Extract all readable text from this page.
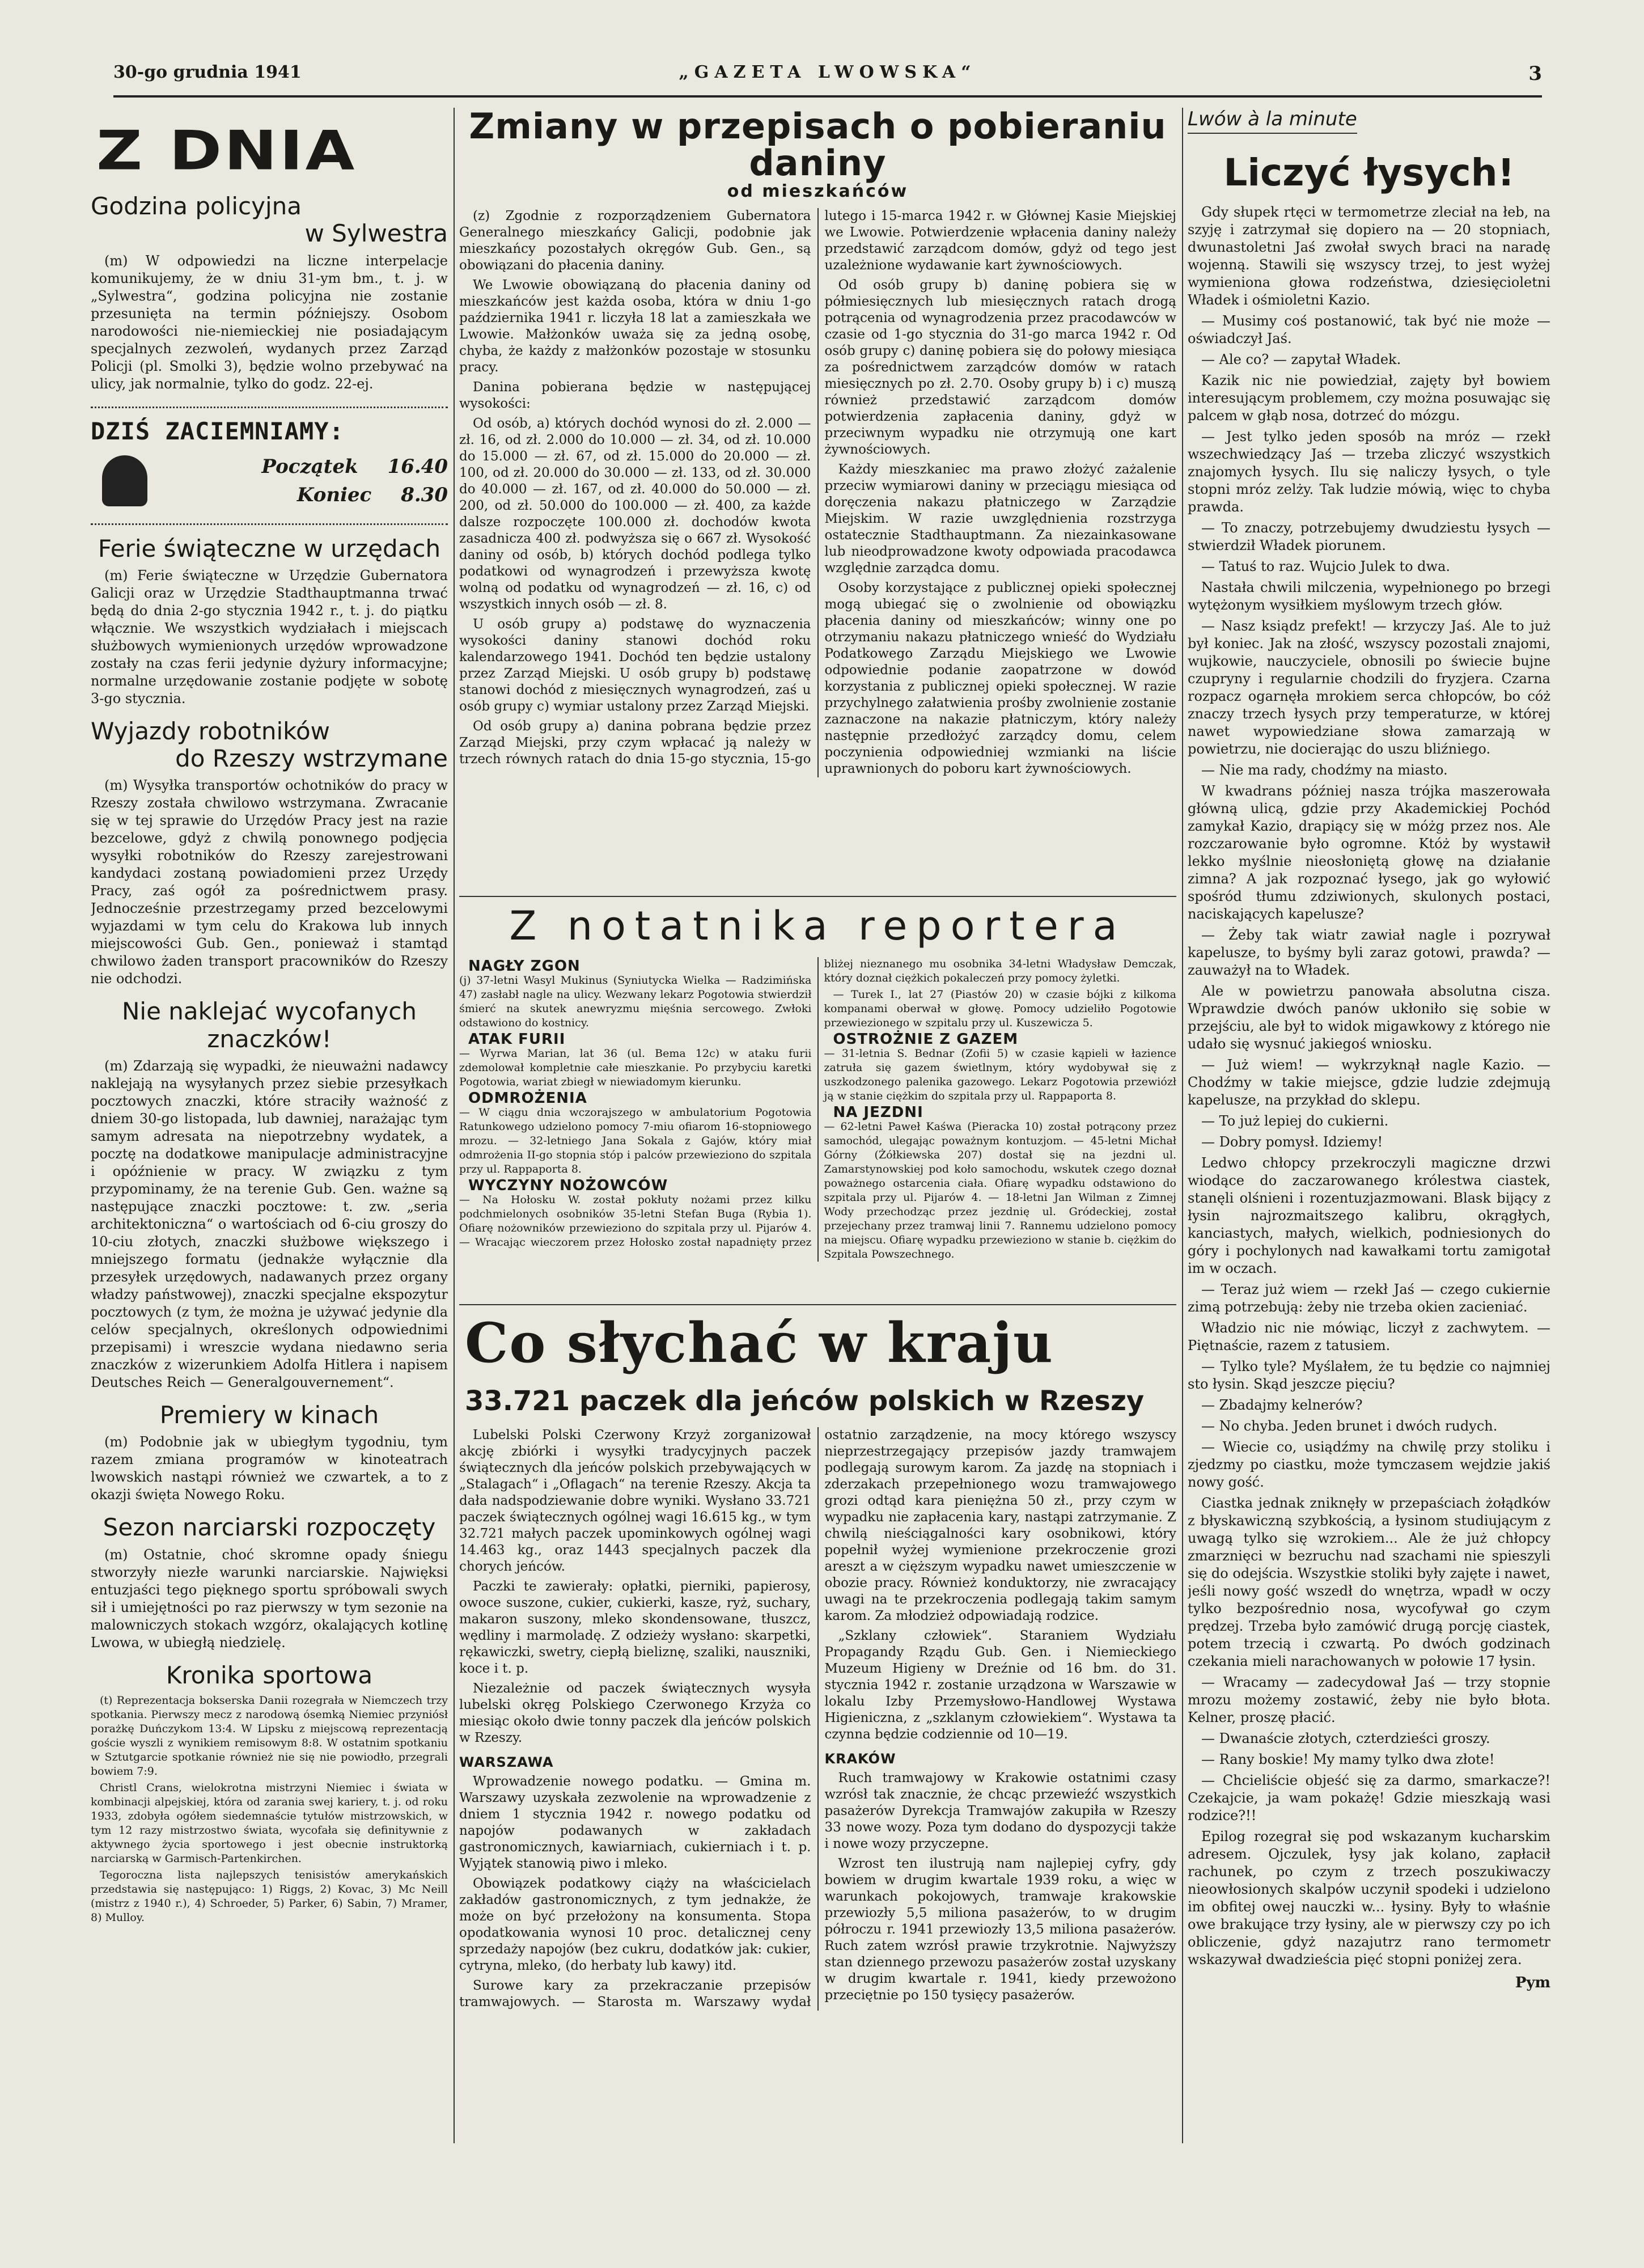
30-go grudnia 1941	„GAZETA LWOWSKA“	3
Z DNIA
Godzina policyjna
w Sylwestra

(m) W odpowiedzi na liczne interpelacje komunikujemy, że w dniu 31-ym bm., t. j. w „Sylwestra“, godzina policyjna nie zostanie przesunięta na termin późniejszy. Osobom narodowości nie-niemieckiej nie posiadającym specjalnych zezwoleń, wydanych przez Zarząd Policji (pl. Smolki 3), będzie wolno przebywać na ulicy, jak normalnie, tylko do godz. 22-ej.

DZIŚ ZACIEMNIAMY:
Początek 16.40
Koniec 8.30
Ferie świąteczne w urzędach

(m) Ferie świąteczne w Urzędzie Gubernatora Galicji oraz w Urzędzie Stadthauptmanna trwać będą do dnia 2-go stycznia 1942 r., t. j. do piątku włącznie. We wszystkich wydziałach i miejscach służbowych wymienionych urzędów wprowadzone zostały na czas ferii jedynie dyżury informacyjne; normalne urzędowanie zostanie podjęte w sobotę 3-go stycznia.

Wyjazdy robotników
do Rzeszy wstrzymane

(m) Wysyłka transportów ochotników do pracy w Rzeszy została chwilowo wstrzymana. Zwracanie się w tej sprawie do Urzędów Pracy jest na razie bezcelowe, gdyż z chwilą ponownego podjęcia wysyłki robotników do Rzeszy zarejestrowani kandydaci zostaną powiadomieni przez Urzędy Pracy, zaś ogół za pośrednictwem prasy. Jednocześnie przestrzegamy przed bezcelowymi wyjazdami w tym celu do Krakowa lub innych miejscowości Gub. Gen., ponieważ i stamtąd chwilowo żaden transport pracowników do Rzeszy nie odchodzi.

Nie naklejać wycofanych
znaczków!

(m) Zdarzają się wypadki, że nieuważni nadawcy naklejają na wysyłanych przez siebie przesyłkach pocztowych znaczki, które straciły ważność z dniem 30-go listopada, lub dawniej, narażając tym samym adresata na niepotrzebny wydatek, a pocztę na dodatkowe manipulacje administracyjne i opóźnienie w pracy. W związku z tym przypominamy, że na terenie Gub. Gen. ważne są następujące znaczki pocztowe: t. zw. „seria architektoniczna“ o wartościach od 6-ciu groszy do 10-ciu złotych, znaczki służbowe większego i mniejszego formatu (jednakże wyłącznie dla przesyłek urzędowych, nadawanych przez organy władzy państwowej), znaczki specjalne ekspozytur pocztowych (z tym, że można je używać jedynie dla celów specjalnych, określonych odpowiednimi przepisami) i wreszcie wydana niedawno seria znaczków z wizerunkiem Adolfa Hitlera i napisem Deutsches Reich — Generalgouvernement“.

Premiery w kinach

(m) Podobnie jak w ubiegłym tygodniu, tym razem zmiana programów w kinoteatrach lwowskich nastąpi również we czwartek, a to z okazji święta Nowego Roku.

Sezon narciarski rozpoczęty

(m) Ostatnie, choć skromne opady śniegu stworzyły niezłe warunki narciarskie. Najwięksi entuzjaści tego pięknego sportu spróbowali swych sił i umiejętności po raz pierwszy w tym sezonie na malowniczych stokach wzgórz, okalających kotlinę Lwowa, w ubiegłą niedzielę.

Kronika sportowa
(t) Reprezentacja bokserska Danii rozegrała w Niemczech trzy spotkania. Pierwszy mecz z narodową ósemką Niemiec przyniósł porażkę Duńczykom 13:4. W Lipsku z miejscową reprezentacją goście wyszli z wynikiem remisowym 8:8. W ostatnim spotkaniu w Sztutgarcie spotkanie również nie się nie powiodło, przegrali bowiem 7:9.
Christl Crans, wielokrotna mistrzyni Niemiec i świata w kombinacji alpejskiej, która od zarania swej kariery, t. j. od roku 1933, zdobyła ogółem siedemnaście tytułów mistrzowskich, w tym 12 razy mistrzostwo świata, wycofała się definitywnie z aktywnego życia sportowego i jest obecnie instruktorką narciarską w Garmisch-Partenkirchen.
Tegoroczna lista najlepszych tenisistów amerykańskich przedstawia się następująco: 1) Riggs, 2) Kovac, 3) Mc Neill (mistrz z 1940 r.), 4) Schroeder, 5) Parker, 6) Sabin, 7) Mramer, 8) Mulloy.
Zmiany w przepisach o pobieraniu daniny
od mieszkańców

(z) Zgodnie z rozporządzeniem Gubernatora Generalnego mieszkańcy Galicji, podobnie jak mieszkańcy pozostałych okręgów Gub. Gen., są obowiązani do płacenia daniny.

We Lwowie obowiązaną do płacenia daniny od mieszkańców jest każda osoba, która w dniu 1-go października 1941 r. liczyła 18 lat a zamieszkała we Lwowie. Małżonków uważa się za jedną osobę, chyba, że każdy z małżonków pozostaje w stosunku pracy.

Danina pobierana będzie w następującej wysokości:

Od osób, a) których dochód wynosi do zł. 2.000 — zł. 16, od zł. 2.000 do 10.000 — zł. 34, od zł. 10.000 do 15.000 — zł. 67, od zł. 15.000 do 20.000 — zł. 100, od zł. 20.000 do 30.000 — zł. 133, od zł. 30.000 do 40.000 — zł. 167, od zł. 40.000 do 50.000 — zł. 200, od zł. 50.000 do 100.000 — zł. 400, za każde dalsze rozpoczęte 100.000 zł. dochodów kwota zasadnicza 400 zł. podwyższa się o 667 zł. Wysokość daniny od osób, b) których dochód podlega tylko podatkowi od wynagrodzeń i przewyższa kwotę wolną od podatku od wynagrodzeń — zł. 16, c) od wszystkich innych osób — zł. 8.

U osób grupy a) podstawę do wyznaczenia wysokości daniny stanowi dochód roku kalendarzowego 1941. Dochód ten będzie ustalony przez Zarząd Miejski. U osób grupy b) podstawę stanowi dochód z miesięcznych wynagrodzeń, zaś u osób grupy c) wymiar ustalony przez Zarząd Miejski.

Od osób grupy a) danina pobrana będzie przez Zarząd Miejski, przy czym wpłacać ją należy w trzech równych ratach do dnia 15-go stycznia, 15-go lutego i 15-marca 1942 r. w Głównej Kasie Miejskiej we Lwowie. Potwierdzenie wpłacenia daniny należy przedstawić zarządcom domów, gdyż od tego jest uzależnione wydawanie kart żywnościowych.

Od osób grupy b) daninę pobiera się w półmiesięcznych lub miesięcznych ratach drogą potrącenia od wynagrodzenia przez pracodawców w czasie od 1-go stycznia do 31-go marca 1942 r. Od osób grupy c) daninę pobiera się do połowy miesiąca za pośrednictwem zarządców domów w ratach miesięcznych po zł. 2.70. Osoby grupy b) i c) muszą również przedstawić zarządcom domów potwierdzenia zapłacenia daniny, gdyż w przeciwnym wypadku nie otrzymują one kart żywnościowych.

Każdy mieszkaniec ma prawo złożyć zażalenie przeciw wymiarowi daniny w przeciągu miesiąca od doręczenia nakazu płatniczego w Zarządzie Miejskim. W razie uwzględnienia rozstrzyga ostatecznie Stadthauptmann. Za niezainkasowane lub nieodprowadzone kwoty odpowiada pracodawca względnie zarządca domu.

Osoby korzystające z publicznej opieki społecznej mogą ubiegać się o zwolnienie od obowiązku płacenia daniny od mieszkańców; winny one po otrzymaniu nakazu płatniczego wnieść do Wydziału Podatkowego Zarządu Miejskiego we Lwowie odpowiednie podanie zaopatrzone w dowód korzystania z publicznej opieki społecznej. W razie przychylnego załatwienia prośby zwolnienie zostanie zaznaczone na nakazie płatniczym, który należy następnie przedłożyć zarządcy domu, celem poczynienia odpowiedniej wzmianki na liście uprawnionych do poboru kart żywnościowych.

Z notatnika reportera
NAGŁY ZGON
(j) 37-letni Wasyl Mukinus (Syniutycka Wielka — Radzimińska 47) zasłabł nagle na ulicy. Wezwany lekarz Pogotowia stwierdził śmierć na skutek anewryzmu mięśnia sercowego. Zwłoki odstawiono do kostnicy.
ATAK FURII
— Wyrwa Marian, lat 36 (ul. Bema 12c) w ataku furii zdemolował kompletnie całe mieszkanie. Po przybyciu karetki Pogotowia, wariat zbiegł w niewiadomym kierunku.
ODMROŻENIA
— W ciągu dnia wczorajszego w ambulatorium Pogotowia Ratunkowego udzielono pomocy 7-miu ofiarom 16-stopniowego mrozu. — 32-letniego Jana Sokala z Gajów, który miał odmrożenia II-go stopnia stóp i palców przewieziono do szpitala przy ul. Rappaporta 8.
WYCZYNY NOŻOWCÓW
— Na Hołosku W. został pokłuty nożami przez kilku podchmielonych osobników 35-letni Stefan Buga (Rybia 1). Ofiarę nożowników przewieziono do szpitala przy ul. Pijarów 4. — Wracając wieczorem przez Hołosko został napadnięty przez bliżej nieznanego mu osobnika 34-letni Władysław Demczak, który doznał ciężkich pokaleczeń przy pomocy żyletki.
— Turek I., lat 27 (Piastów 20) w czasie bójki z kilkoma kompanami oberwał w głowę. Pomocy udzieliło Pogotowie przewiezionego w szpitalu przy ul. Kuszewicza 5.
OSTROŻNIE Z GAZEM
— 31-letnia S. Bednar (Zofii 5) w czasie kąpieli w łazience zatruła się gazem świetlnym, który wydobywał się z uszkodzonego palenika gazowego. Lekarz Pogotowia przewiózł ją w stanie ciężkim do szpitala przy ul. Rappaporta 8.
NA JEZDNI
— 62-letni Paweł Kaśwa (Pieracka 10) został potrącony przez samochód, ulegając poważnym kontuzjom. — 45-letni Michał Górny (Żółkiewska 207) dostał się na jezdni ul. Zamarstynowskiej pod koło samochodu, wskutek czego doznał poważnego ostarcenia ciała. Ofiarę wypadku odstawiono do szpitala przy ul. Pijarów 4. — 18-letni Jan Wilman z Zimnej Wody przechodząc przez jezdnię ul. Gródeckiej, został przejechany przez tramwaj linii 7. Rannemu udzielono pomocy na miejscu. Ofiarę wypadku przewieziono w stanie b. ciężkim do Szpitala Powszechnego.
Co słychać w kraju
33.721 paczek dla jeńców polskich w Rzeszy

Lubelski Polski Czerwony Krzyż zorganizował akcję zbiórki i wysyłki tradycyjnych paczek świątecznych dla jeńców polskich przebywających w „Stalagach“ i „Oflagach“ na terenie Rzeszy. Akcja ta dała nadspodziewanie dobre wyniki. Wysłano 33.721 paczek świątecznych ogólnej wagi 16.615 kg., w tym 32.721 małych paczek upominkowych ogólnej wagi 14.463 kg., oraz 1443 specjalnych paczek dla chorych jeńców.

Paczki te zawierały: opłatki, pierniki, papierosy, owoce suszone, cukier, cukierki, kasze, ryż, suchary, makaron suszony, mleko skondensowane, tłuszcz, wędliny i marmoladę. Z odzieży wysłano: skarpetki, rękawiczki, swetry, ciepłą bieliznę, szaliki, nauszniki, koce i t. p.

Niezależnie od paczek świątecznych wysyła lubelski okręg Polskiego Czerwonego Krzyża co miesiąc około dwie tonny paczek dla jeńców polskich w Rzeszy.

WARSZAWA

Wprowadzenie nowego podatku. — Gmina m. Warszawy uzyskała zezwolenie na wprowadzenie z dniem 1 stycznia 1942 r. nowego podatku od napojów podawanych w zakładach gastronomicznych, kawiarniach, cukierniach i t. p. Wyjątek stanowią piwo i mleko.

Obowiązek podatkowy ciąży na właścicielach zakładów gastronomicznych, z tym jednakże, że może on być przełożony na konsumenta. Stopa opodatkowania wynosi 10 proc. detalicznej ceny sprzedaży napojów (bez cukru, dodatków jak: cukier, cytryna, mleko, (do herbaty lub kawy) itd.

Surowe kary za przekraczanie przepisów tramwajowych. — Starosta m. Warszawy wydał ostatnio zarządzenie, na mocy którego wszyscy nieprzestrzegający przepisów jazdy tramwajem podlegają surowym karom. Za jazdę na stopniach i zderzakach przepełnionego wozu tramwajowego grozi odtąd kara pieniężna 50 zł., przy czym w wypadku nie zapłacenia kary, nastąpi zatrzymanie. Z chwilą nieściągalności kary osobnikowi, który popełnił wyżej wymienione przekroczenie grozi areszt a w cięższym wypadku nawet umieszczenie w obozie pracy. Również konduktorzy, nie zwracający uwagi na te przekroczenia podlegają takim samym karom. Za młodzież odpowiadają rodzice.

„Szklany człowiek“. Staraniem Wydziału Propagandy Rządu Gub. Gen. i Niemieckiego Muzeum Higieny w Dreźnie od 16 bm. do 31. stycznia 1942 r. zostanie urządzona w Warszawie w lokalu Izby Przemysłowo-Handlowej Wystawa Higieniczna, z „szklanym człowiekiem“. Wystawa ta czynna będzie codziennie od 10—19.

KRAKÓW

Ruch tramwajowy w Krakowie ostatnimi czasy wzrósł tak znacznie, że chcąc przewieźć wszystkich pasażerów Dyrekcja Tramwajów zakupiła w Rzeszy 33 nowe wozy. Poza tym dodano do dyspozycji także i nowe wozy przyczepne.

Wzrost ten ilustrują nam najlepiej cyfry, gdy bowiem w drugim kwartale 1939 roku, a więc w warunkach pokojowych, tramwaje krakowskie przewiozły 5,5 miliona pasażerów, to w drugim półroczu r. 1941 przewiozły 13,5 miliona pasażerów. Ruch zatem wzrósł prawie trzykrotnie. Najwyższy stan dziennego przewozu pasażerów został uzyskany w drugim kwartale r. 1941, kiedy przewożono przeciętnie po 150 tysięcy pasażerów.

Lwów à la minute
Liczyć łysych!

Gdy słupek rtęci w termometrze zleciał na łeb, na szyję i zatrzymał się dopiero na — 20 stopniach, dwunastoletni Jaś zwołał swych braci na naradę wojenną. Stawili się wszyscy trzej, to jest wyżej wymieniona głowa rodzeństwa, dziesięcioletni Władek i ośmioletni Kazio.

— Musimy coś postanowić, tak być nie może — oświadczył Jaś.

— Ale co? — zapytał Władek.

Kazik nic nie powiedział, zajęty był bowiem interesującym problemem, czy można posuwając się palcem w głąb nosa, dotrzeć do mózgu.

— Jest tylko jeden sposób na mróz — rzekł wszechwiedzący Jaś — trzeba zliczyć wszystkich znajomych łysych. Ilu się naliczy łysych, o tyle stopni mróz zelży. Tak ludzie mówią, więc to chyba prawda.

— To znaczy, potrzebujemy dwudziestu łysych — stwierdził Władek piorunem.

— Tatuś to raz. Wujcio Julek to dwa.

Nastała chwili milczenia, wypełnionego po brzegi wytężonym wysiłkiem myślowym trzech głów.

— Nasz ksiądz prefekt! — krzyczy Jaś. Ale to już był koniec. Jak na złość, wszyscy pozostali znajomi, wujkowie, nauczyciele, obnosili po świecie bujne czupryny i regularnie chodzili do fryzjera. Czarna rozpacz ogarnęła mrokiem serca chłopców, bo cóż znaczy trzech łysych przy temperaturze, w której nawet wypowiedziane słowa zamarzają w powietrzu, nie docierając do uszu bliźniego.

— Nie ma rady, chodźmy na miasto.

W kwadrans później nasza trójka maszerowała główną ulicą, gdzie przy Akademickiej Pochód zamykał Kazio, drapiący się w móżg przez nos. Ale rozczarowanie było ogromne. Któż by wystawił lekko myślnie nieosłoniętą głowę na działanie zimna? A jak rozpoznać łysego, jak go wyłowić spośród tłumu zdziwionych, skulonych postaci, naciskających kapelusze?

— Żeby tak wiatr zawiał nagle i pozrywał kapelusze, to byśmy byli zaraz gotowi, prawda? — zauważył na to Władek.

Ale w powietrzu panowała absolutna cisza. Wprawdzie dwóch panów ukłoniło się sobie w przejściu, ale był to widok migawkowy z którego nie udało się wysnuć jakiegoś wniosku.

— Już wiem! — wykrzyknął nagle Kazio. — Chodźmy w takie miejsce, gdzie ludzie zdejmują kapelusze, na przykład do sklepu.

— To już lepiej do cukierni.

— Dobry pomysł. Idziemy!

Ledwo chłopcy przekroczyli magiczne drzwi wiodące do zaczarowanego królestwa ciastek, stanęli olśnieni i rozentuzjazmowani. Blask bijący z łysin najrozmaitszego kalibru, okrągłych, kanciastych, małych, wielkich, podniesionych do góry i pochylonych nad kawałkami tortu zamigotał im w oczach.

— Teraz już wiem — rzekł Jaś — czego cukiernie zimą potrzebują: żeby nie trzeba okien zacieniać.

Władzio nic nie mówiąc, liczył z zachwytem. — Piętnaście, razem z tatusiem.

— Tylko tyle? Myślałem, że tu będzie co najmniej sto łysin. Skąd jeszcze pięciu?

— Zbadajmy kelnerów?

— No chyba. Jeden brunet i dwóch rudych.

— Wiecie co, usiądźmy na chwilę przy stoliku i zjedzmy po ciastku, może tymczasem wejdzie jakiś nowy gość.

Ciastka jednak zniknęły w przepaściach żołądków z błyskawiczną szybkością, a łysinom studiującym z uwagą tylko się wzrokiem... Ale że już chłopcy zmarznięci w bezruchu nad szachami nie spieszyli się do odejścia. Wszystkie stoliki były zajęte i nawet, jeśli nowy gość wszedł do wnętrza, wpadł w oczy tylko bezpośrednio nosa, wycofywał go czym prędzej. Trzeba było zamówić drugą porcję ciastek, potem trzecią i czwartą. Po dwóch godzinach czekania mieli narachowanych w połowie 17 łysin.

— Wracamy — zadecydował Jaś — trzy stopnie mrozu możemy zostawić, żeby nie było błota. Kelner, proszę płacić.

— Dwanaście złotych, czterdzieści groszy.

— Rany boskie! My mamy tylko dwa złote!

— Chcieliście objeść się za darmo, smarkacze?! Czekajcie, ja wam pokażę! Gdzie mieszkają wasi rodzice?!!

Epilog rozegrał się pod wskazanym kucharskim adresem. Ojczulek, łysy jak kolano, zapłacił rachunek, po czym z trzech poszukiwaczy nieowłosionych skalpów uczynił spodeki i udzielono im obfitej owej nauczki w... łysiny. Były to właśnie owe brakujące trzy łysiny, ale w pierwszy czy po ich obliczenie, gdyż nazajutrz rano termometr wskazywał dwadzieścia pięć stopni poniżej zera.

Pym
